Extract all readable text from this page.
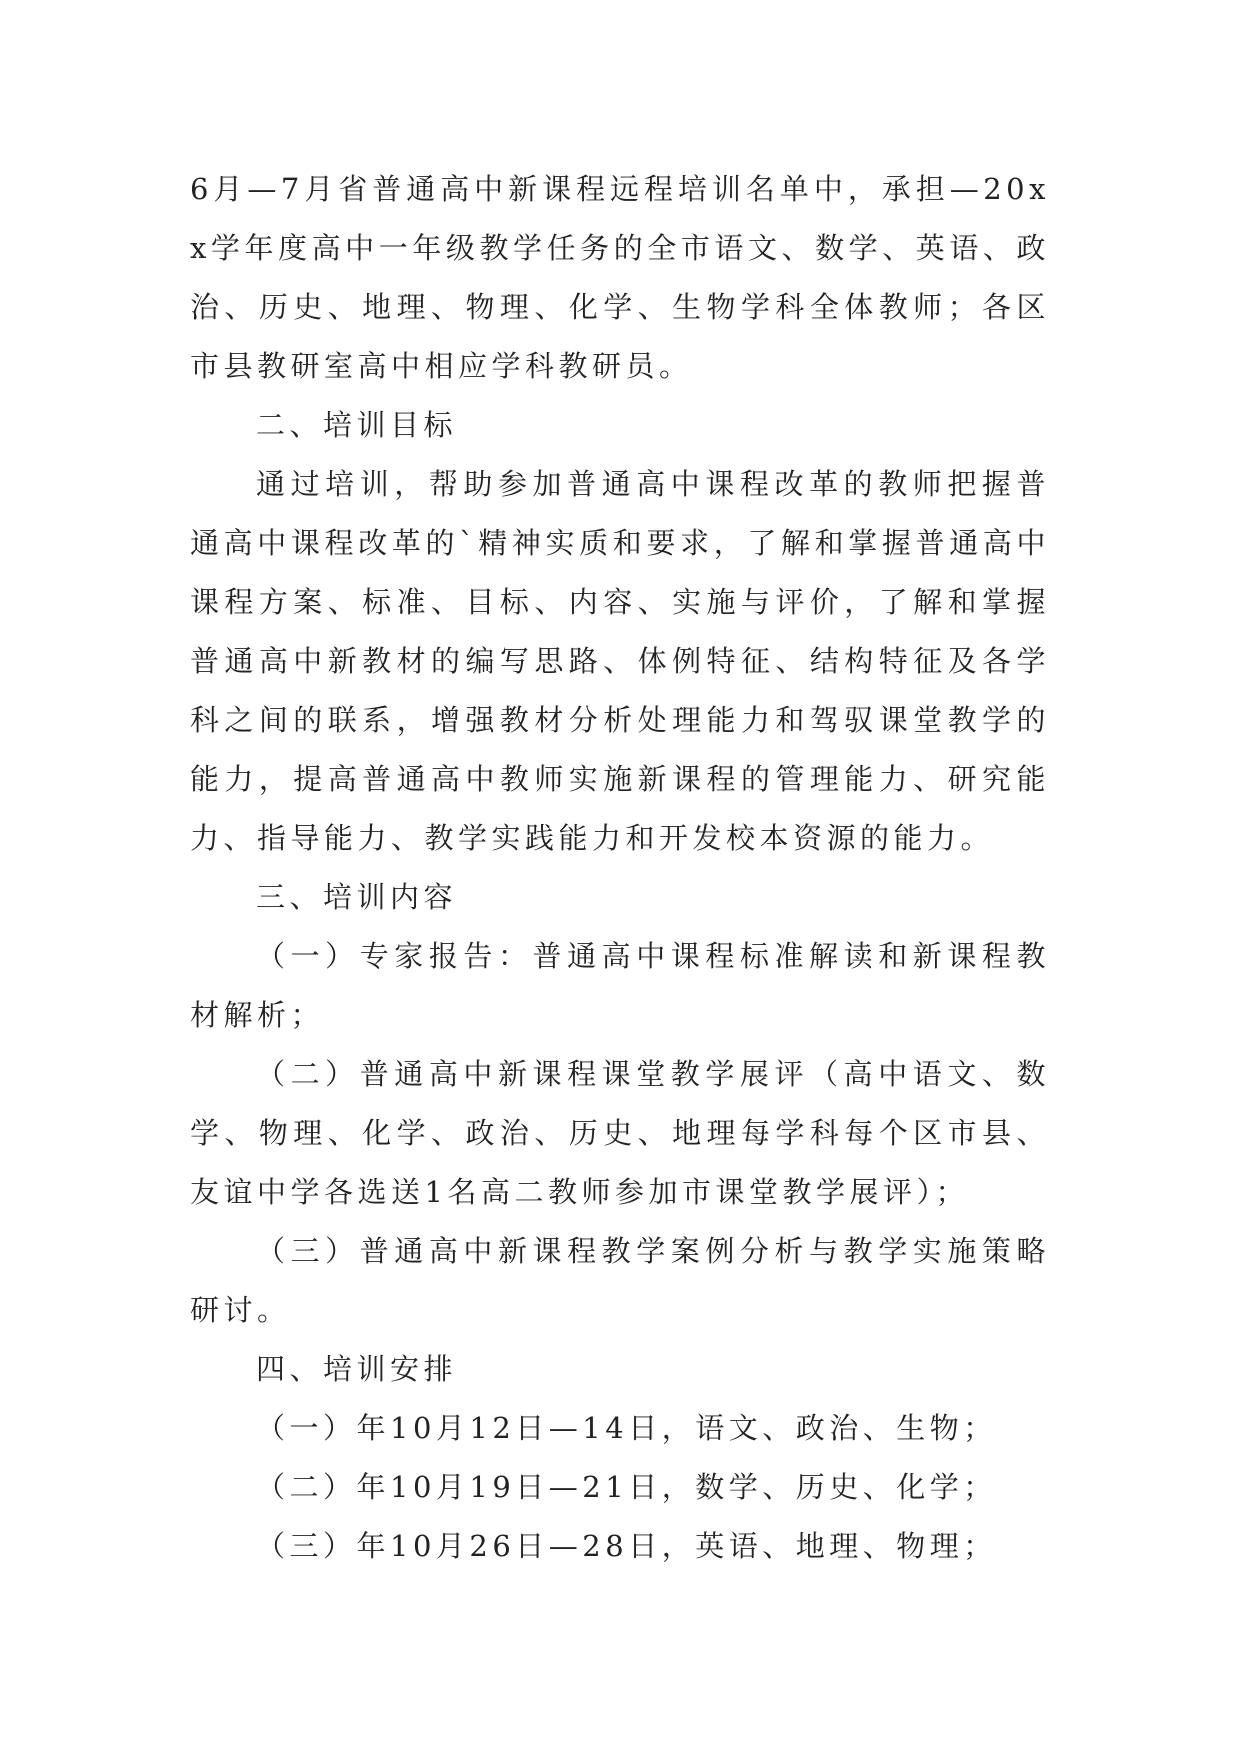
6月—7月省普通高中新课程远程培训名单中，承担—20xx学年度高中一年级教学任务的全市语文、数学、英语、政治、历史、地理、物理、化学、生物学科全体教师；各区市县教研室高中相应学科教研员。

二、培训目标

通过培训，帮助参加普通高中课程改革的教师把握普通高中课程改革的`精神实质和要求，了解和掌握普通高中课程方案、标准、目标、内容、实施与评价，了解和掌握普通高中新教材的编写思路、体例特征、结构特征及各学科之间的联系，增强教材分析处理能力和驾驭课堂教学的能力，提高普通高中教师实施新课程的管理能力、研究能力、指导能力、教学实践能力和开发校本资源的能力。

三、培训内容

（一）专家报告：普通高中课程标准解读和新课程教材解析；

（二）普通高中新课程课堂教学展评（高中语文、数学、物理、化学、政治、历史、地理每学科每个区市县、友谊中学各选送1名高二教师参加市课堂教学展评）；

（三）普通高中新课程教学案例分析与教学实施策略研讨。

四、培训安排

（一）年10月12日—14日，语文、政治、生物；

（二）年10月19日—21日，数学、历史、化学；

（三）年10月26日—28日，英语、地理、物理；
